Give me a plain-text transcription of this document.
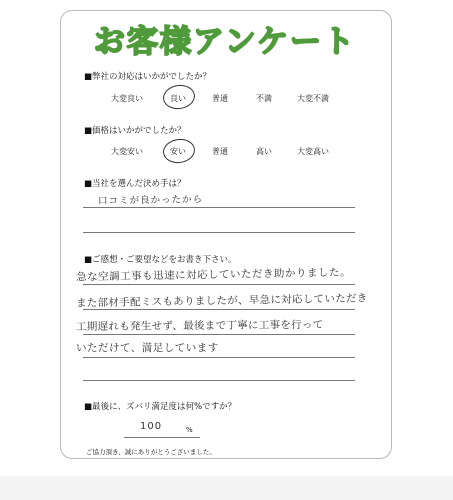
お客様アンケート
■弊社の対応はいかがでしたか？
大変良い	良い	普通	不満	大変不満
■価格はいかがでしたか？
大変安い	安い	普通	高い	大変高い
■当社を選んだ決め手は？
口コミが良かったから
■ご感想・ご要望などをお書き下さい。
急な空調工事も迅速に対応していただき助かりました。
また部材手配ミスもありましたが、早急に対応していただき
工期遅れも発生せず、最後まで丁寧に工事を行って
いただけて、満足しています
■最後に、ズバリ満足度は何%ですか？
100	%
ご協力頂き、誠にありがとうございました。
